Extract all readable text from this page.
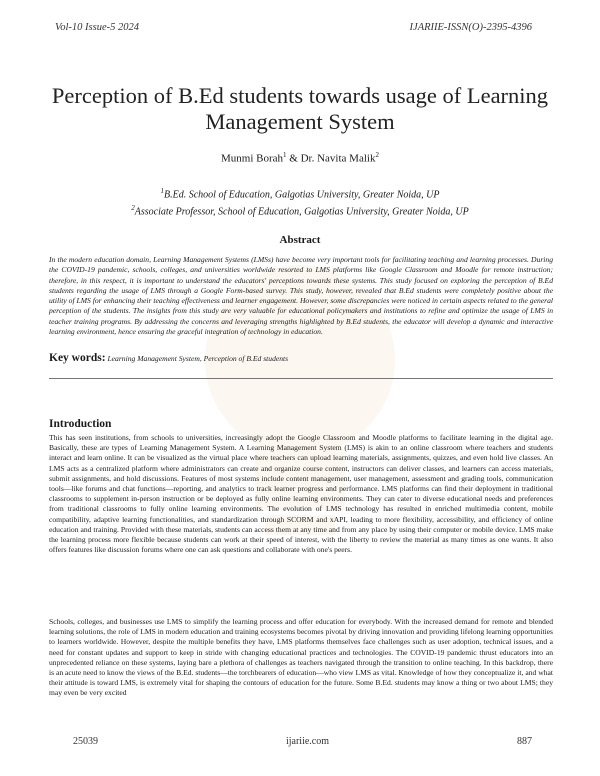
Vol-10 Issue-5 2024	IJARIIE-ISSN(O)-2395-4396
Perception of B.Ed students towards usage of Learning Management System
Munmi Borah$^1$ & Dr. Navita Malik$^2$
$^1$B.Ed. School of Education, Galgotias University, Greater Noida, UP
$^2$Associate Professor, School of Education, Galgotias University, Greater Noida, UP
Abstract

In the modern education domain, Learning Management Systems (LMSs) have become very important tools for facilitating teaching and learning processes. During the COVID-19 pandemic, schools, colleges, and universities worldwide resorted to LMS platforms like Google Classroom and Moodle for remote instruction; therefore, in this respect, it is important to understand the educators' perceptions towards these systems. This study focused on exploring the perception of B.Ed students regarding the usage of LMS through a Google Form-based survey. This study, however, revealed that B.Ed students were completely positive about the utility of LMS for enhancing their teaching effectiveness and learner engagement. However, some discrepancies were noticed in certain aspects related to the general perception of the students. The insights from this study are very valuable for educational policymakers and institutions to refine and optimize the usage of LMS in teacher training programs. By addressing the concerns and leveraging strengths highlighted by B.Ed students, the educator will develop a dynamic and interactive learning environment, hence ensuring the graceful integration of technology in education.

Key words: Learning Management System, Perception of B.Ed students
Introduction

This has seen institutions, from schools to universities, increasingly adopt the Google Classroom and Moodle platforms to facilitate learning in the digital age. Basically, these are types of Learning Management System. A Learning Management System (LMS) is akin to an online classroom where teachers and students interact and learn online. It can be visualized as the virtual place where teachers can upload learning materials, assignments, quizzes, and even hold live classes. An LMS acts as a centralized platform where administrators can create and organize course content, instructors can deliver classes, and learners can access materials, submit assignments, and hold discussions. Features of most systems include content management, user management, assessment and grading tools, communication tools—like forums and chat functions—reporting, and analytics to track learner progress and performance. LMS platforms can find their deployment in traditional classrooms to supplement in-person instruction or be deployed as fully online learning environments. They can cater to diverse educational needs and preferences from traditional classrooms to fully online learning environments. The evolution of LMS technology has resulted in enriched multimedia content, mobile compatibility, adaptive learning functionalities, and standardization through SCORM and xAPI, leading to more flexibility, accessibility, and efficiency of online education and training. Provided with these materials, students can access them at any time and from any place by using their computer or mobile device. LMS make the learning process more flexible because students can work at their speed of interest, with the liberty to review the material as many times as one wants. It also offers features like discussion forums where one can ask questions and collaborate with one's peers.

Schools, colleges, and businesses use LMS to simplify the learning process and offer education for everybody. With the increased demand for remote and blended learning solutions, the role of LMS in modern education and training ecosystems becomes pivotal by driving innovation and providing lifelong learning opportunities to learners worldwide. However, despite the multiple benefits they have, LMS platforms themselves face challenges such as user adoption, technical issues, and a need for constant updates and support to keep in stride with changing educational practices and technologies. The COVID-19 pandemic thrust educators into an unprecedented reliance on these systems, laying bare a plethora of challenges as teachers navigated through the transition to online teaching. In this backdrop, there is an acute need to know the views of the B.Ed. students—the torchbearers of education—who view LMS as vital. Knowledge of how they conceptualize it, and what their attitude is toward LMS, is extremely vital for shaping the contours of education for the future. Some B.Ed. students may know a thing or two about LMS; they may even be very excited

25039	ijariie.com	887
